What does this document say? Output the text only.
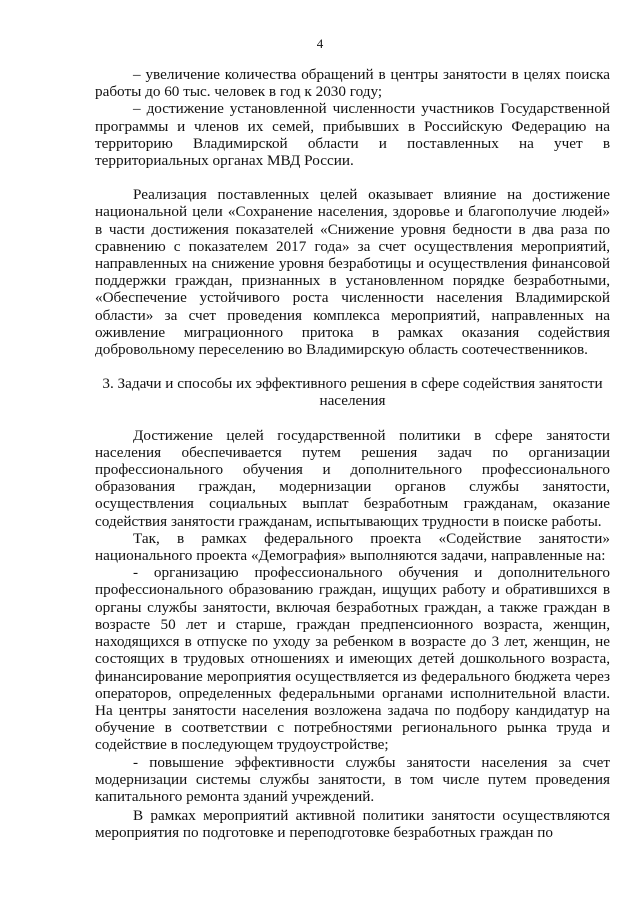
4

– увеличение количества обращений в центры занятости в целях поиска работы до 60 тыс. человек в год к 2030 году;

– достижение установленной численности участников Государственной программы и членов их семей, прибывших в Российскую Федерацию на территорию Владимирской области и поставленных на учет в территориальных органах МВД России.

Реализация поставленных целей оказывает влияние на достижение национальной цели «Сохранение населения, здоровье и благополучие людей» в части достижения показателей «Снижение уровня бедности в два раза по сравнению с показателем 2017 года» за счет осуществления мероприятий, направленных на снижение уровня безработицы и осуществления финансовой поддержки граждан, признанных в установленном порядке безработными, «Обеспечение устойчивого роста численности населения Владимирской области» за счет проведения комплекса мероприятий, направленных на оживление миграционного притока в рамках оказания содействия добровольному переселению во Владимирскую область соотечественников.

3. Задачи и способы их эффективного решения в сфере содействия занятости населения

Достижение целей государственной политики в сфере занятости населения обеспечивается путем решения задач по организации профессионального обучения и дополнительного профессионального образования граждан, модернизации органов службы занятости, осуществления социальных выплат безработным гражданам, оказание содействия занятости гражданам, испытывающих трудности в поиске работы.

Так, в рамках федерального проекта «Содействие занятости» национального проекта «Демография» выполняются задачи, направленные на:

- организацию профессионального обучения и дополнительного профессионального образованию граждан, ищущих работу и обратившихся в органы службы занятости, включая безработных граждан, а также граждан в возрасте 50 лет и старше, граждан предпенсионного возраста, женщин, находящихся в отпуске по уходу за ребенком в возрасте до 3 лет, женщин, не состоящих в трудовых отношениях и имеющих детей дошкольного возраста, финансирование мероприятия осуществляется из федерального бюджета через операторов, определенных федеральными органами исполнительной власти. На центры занятости населения возложена задача по подбору кандидатур на обучение в соответствии с потребностями регионального рынка труда и содействие в последующем трудоустройстве;

- повышение эффективности службы занятости населения за счет модернизации системы службы занятости, в том числе путем проведения капитального ремонта зданий учреждений.

В рамках мероприятий активной политики занятости осуществляются мероприятия по подготовке и переподготовке безработных граждан по
